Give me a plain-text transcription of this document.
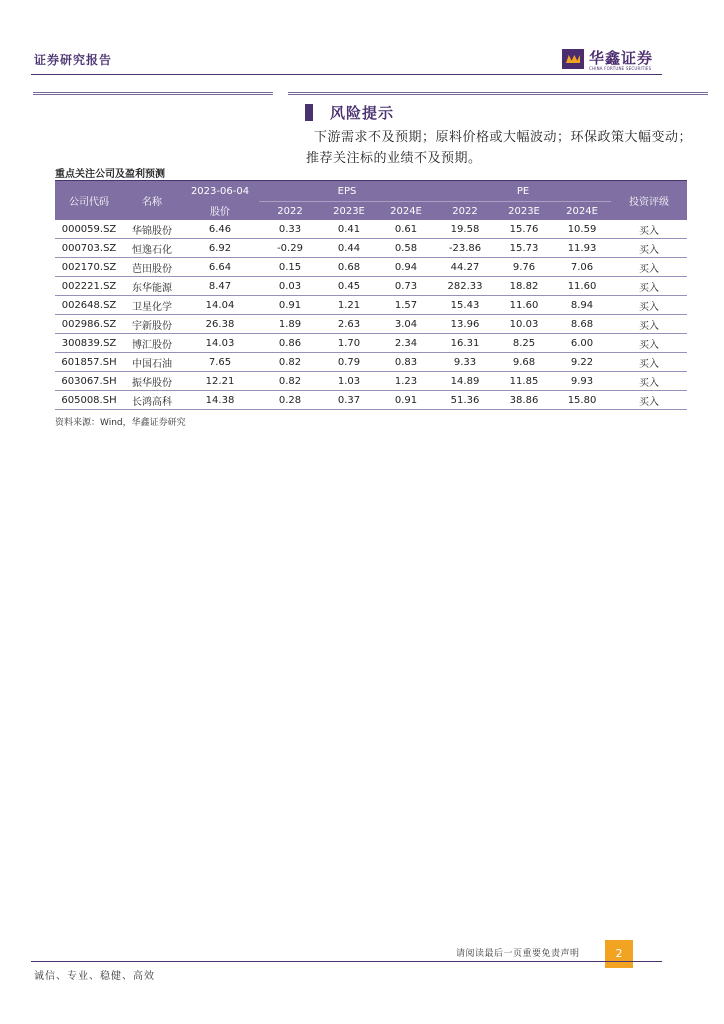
证券研究报告	华鑫证券
CHINA FORTUNE SECURITIES
风险提示
下游需求不及预期；原料价格或大幅波动；环保政策大幅变动；推荐关注标的业绩不及预期。
重点关注公司及盈利预测
公司代码	名称	2023-06-04	EPS			PE			投资评级
		股价	2022	2023E	2024E	2022	2023E	2024E	
000059.SZ	华锦股份	6.46	0.33	0.41	0.61	19.58	15.76	10.59	买入
000703.SZ	恒逸石化	6.92	-0.29	0.44	0.58	-23.86	15.73	11.93	买入
002170.SZ	芭田股份	6.64	0.15	0.68	0.94	44.27	9.76	7.06	买入
002221.SZ	东华能源	8.47	0.03	0.45	0.73	282.33	18.82	11.60	买入
002648.SZ	卫星化学	14.04	0.91	1.21	1.57	15.43	11.60	8.94	买入
002986.SZ	宇新股份	26.38	1.89	2.63	3.04	13.96	10.03	8.68	买入
300839.SZ	博汇股份	14.03	0.86	1.70	2.34	16.31	8.25	6.00	买入
601857.SH	中国石油	7.65	0.82	0.79	0.83	9.33	9.68	9.22	买入
603067.SH	振华股份	12.21	0.82	1.03	1.23	14.89	11.85	9.93	买入
605008.SH	长鸿高科	14.38	0.28	0.37	0.91	51.36	38.86	15.80	买入
资料来源：Wind，华鑫证券研究
请阅读最后一页重要免责声明	2
诚信、专业、稳健、高效
